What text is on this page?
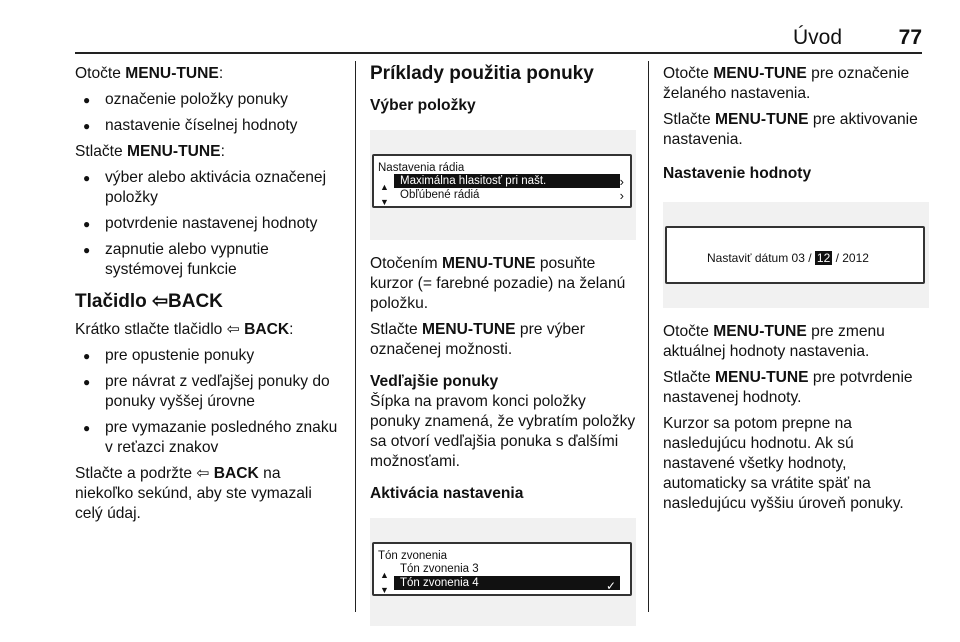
Úvod	77

Otočte MENU-TUNE:

● označenie položky ponuky
● nastavenie číselnej hodnoty

Stlačte MENU-TUNE:

● výber alebo aktivácia označenej položky
● potvrdenie nastavenej hodnoty
● zapnutie alebo vypnutie systémovej funkcie
Tlačidlo ⇦BACK

Krátko stlačte tlačidlo ⇦ BACK:

● pre opustenie ponuky
● pre návrat z vedľajšej ponuky do ponuky vyššej úrovne
● pre vymazanie posledného znaku v reťazci znakov

Stlačte a podržte ⇦ BACK na niekoľko sekúnd, aby ste vymazali celý údaj.

Príklady použitia ponuky
Výber položky
Nastavenia rádia
▲ Maximálna hlasitosť pri našt.	›
▼
Obľúbené rádiá	›

Otočením MENU-TUNE posuňte kurzor (= farebné pozadie) na želanú položku.

Stlačte MENU-TUNE pre výber označenej možnosti.

Vedľajšie ponuky

Šípka na pravom konci položky ponuky znamená, že vybratím položky sa otvorí vedľajšia ponuka s ďalšími možnosťami.

Aktivácia nastavenia
Tón zvonenia
▲ Tón zvonenia 3
▼
Tón zvonenia 4	✓

Otočte MENU-TUNE pre označenie želaného nastavenia.

Stlačte MENU-TUNE pre aktivovanie nastavenia.

Nastavenie hodnoty
Nastaviť dátum 03 / 12 / 2012

Otočte MENU-TUNE pre zmenu aktuálnej hodnoty nastavenia.

Stlačte MENU-TUNE pre potvrdenie nastavenej hodnoty.

Kurzor sa potom prepne na nasledujúcu hodnotu. Ak sú nastavené všetky hodnoty, automaticky sa vrátite späť na nasledujúcu vyššiu úroveň ponuky.
